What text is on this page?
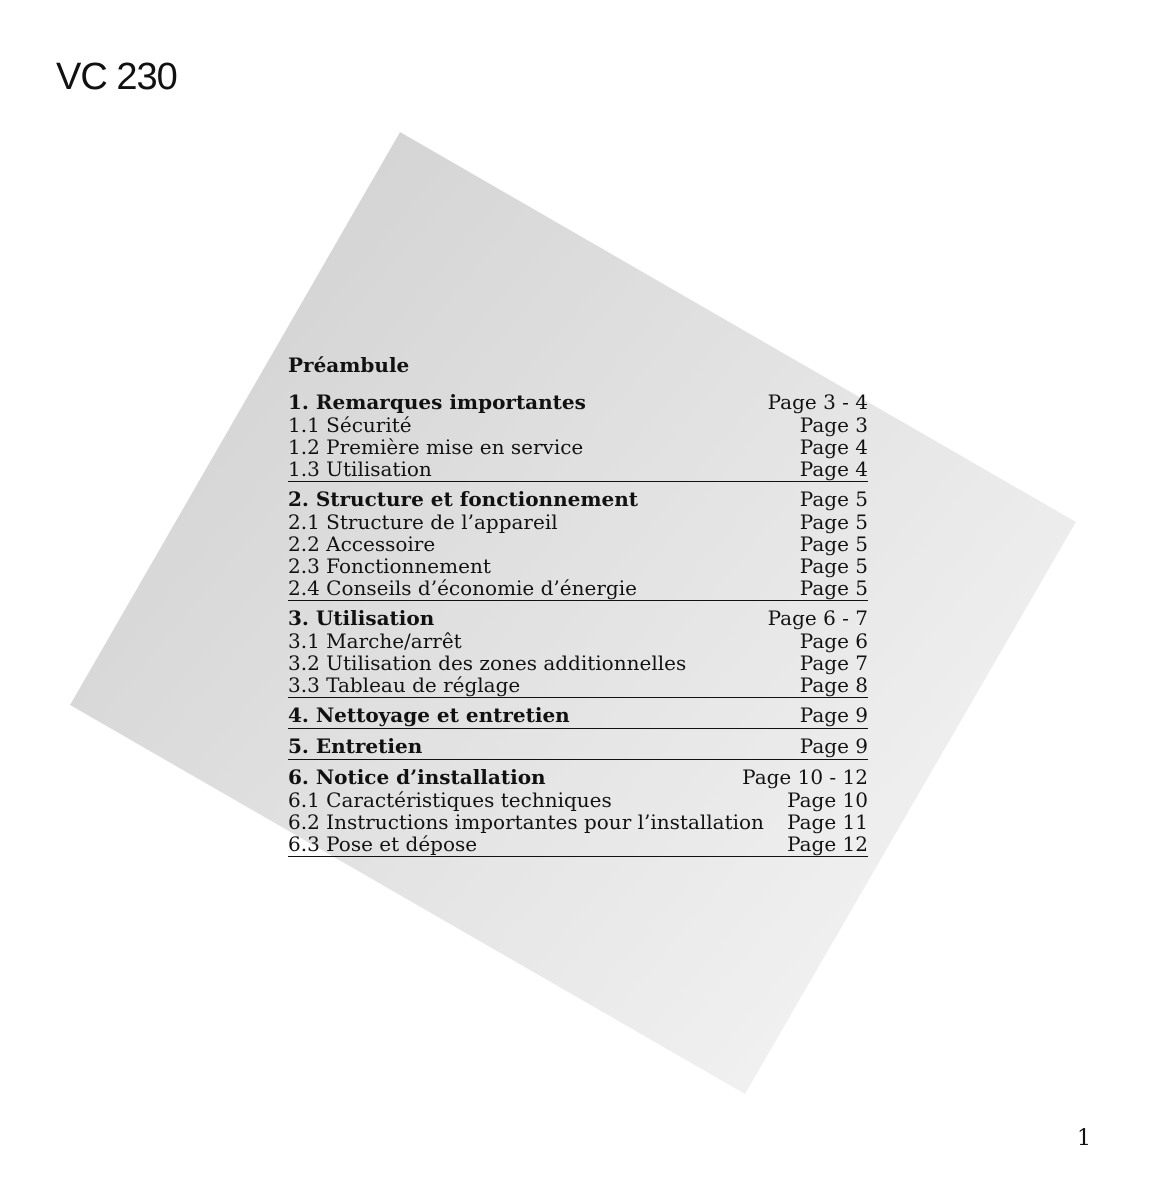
VC 230
Préambule
1. Remarques importantes	Page 3 - 4
1.1 Sécurité	Page 3
1.2 Première mise en service	Page 4
1.3 Utilisation	Page 4
2. Structure et fonctionnement	Page 5
2.1 Structure de l’appareil	Page 5
2.2 Accessoire	Page 5
2.3 Fonctionnement	Page 5
2.4 Conseils d’économie d’énergie	Page 5
3. Utilisation	Page 6 - 7
3.1 Marche/arrêt	Page 6
3.2 Utilisation des zones additionnelles	Page 7
3.3 Tableau de réglage	Page 8
4. Nettoyage et entretien	Page 9
5. Entretien	Page 9
6. Notice d’installation	Page 10 - 12
6.1 Caractéristiques techniques	Page 10
6.2 Instructions importantes pour l’installation Page 11
6.3 Pose et dépose	Page 12
1
